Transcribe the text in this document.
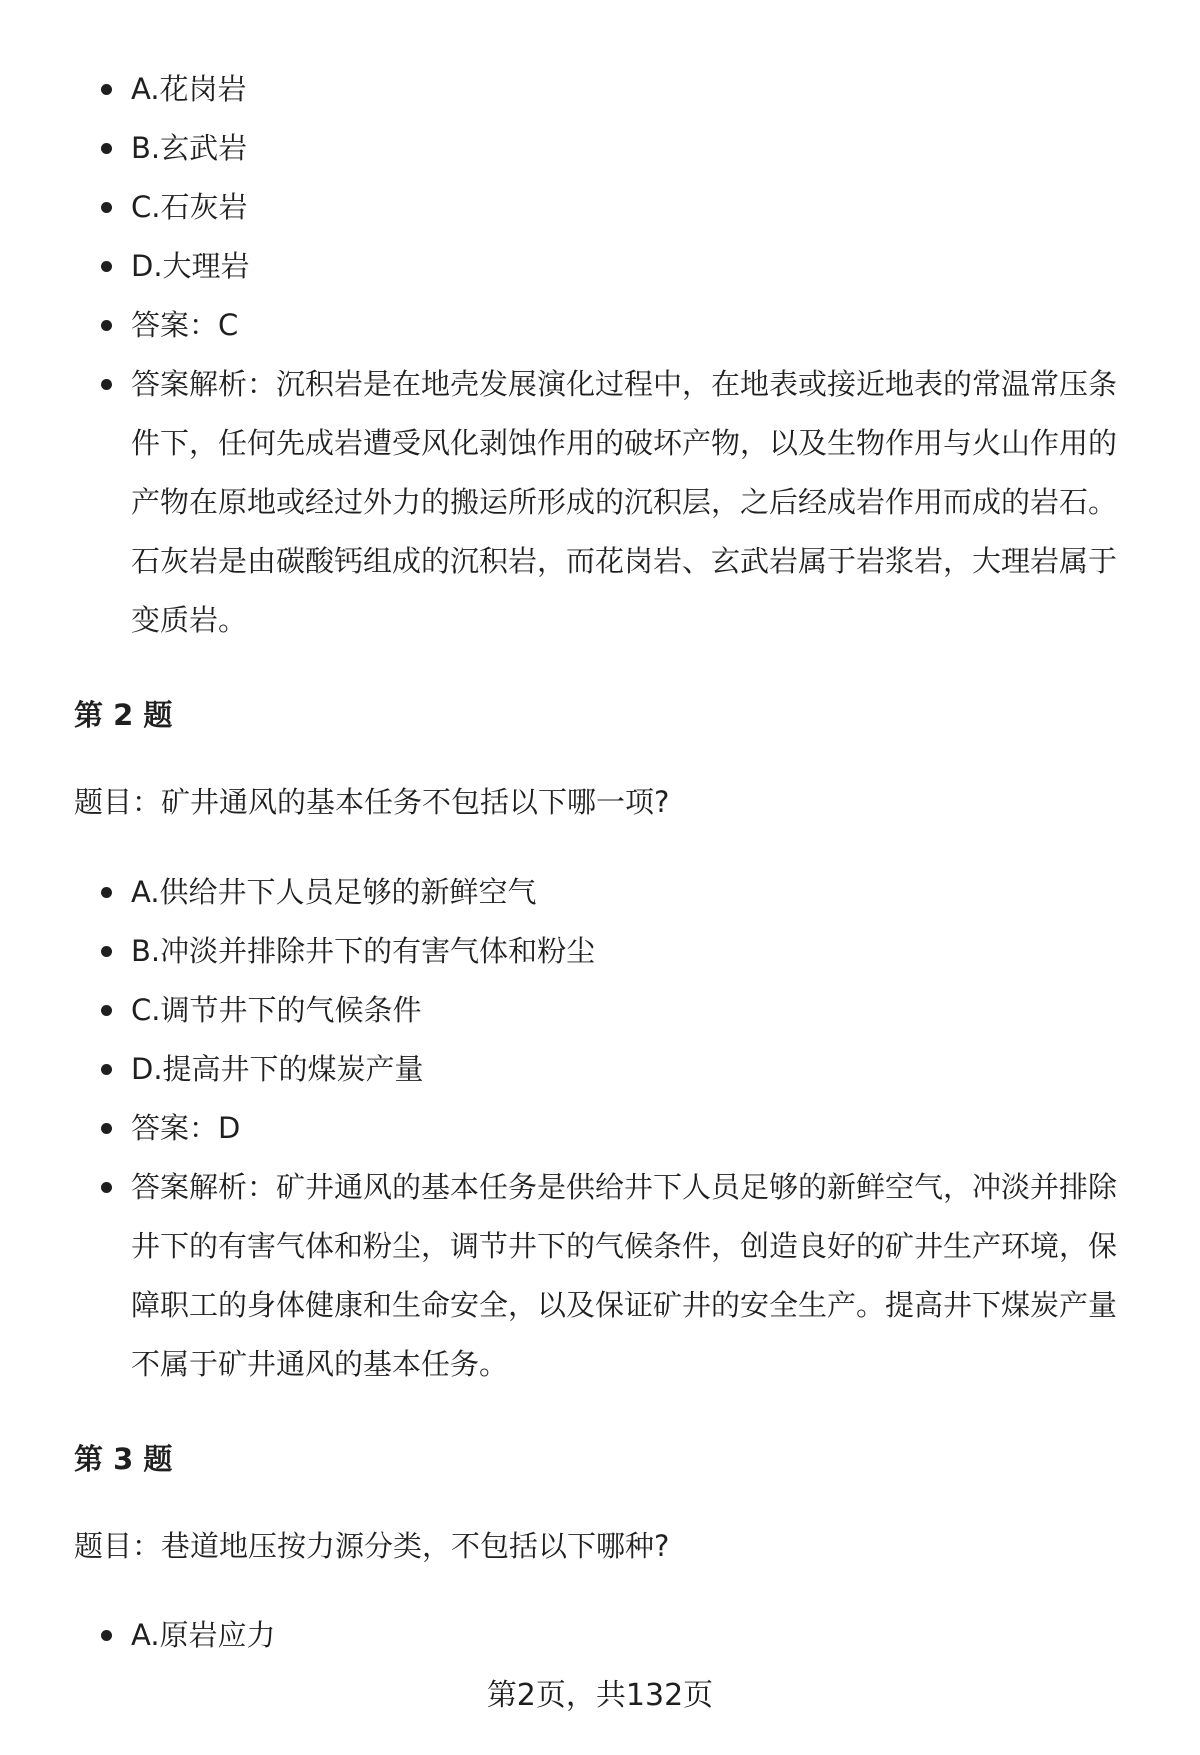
A.花岗岩
B.玄武岩
C.石灰岩
D.大理岩
答案：C
答案解析：沉积岩是在地壳发展演化过程中，在地表或接近地表的常温常压条件下，任何先成岩遭受风化剥蚀作用的破坏产物，以及生物作用与火山作用的产物在原地或经过外力的搬运所形成的沉积层，之后经成岩作用而成的岩石。石灰岩是由碳酸钙组成的沉积岩，而花岗岩、玄武岩属于岩浆岩，大理岩属于变质岩。
第 2 题

题目：矿井通风的基本任务不包括以下哪一项?

A.供给井下人员足够的新鲜空气
B.冲淡并排除井下的有害气体和粉尘
C.调节井下的气候条件
D.提高井下的煤炭产量
答案：D
答案解析：矿井通风的基本任务是供给井下人员足够的新鲜空气，冲淡并排除井下的有害气体和粉尘，调节井下的气候条件，创造良好的矿井生产环境，保障职工的身体健康和生命安全，以及保证矿井的安全生产。提高井下煤炭产量不属于矿井通风的基本任务。
第 3 题

题目：巷道地压按力源分类，不包括以下哪种?

A.原岩应力
第2页，共132页
